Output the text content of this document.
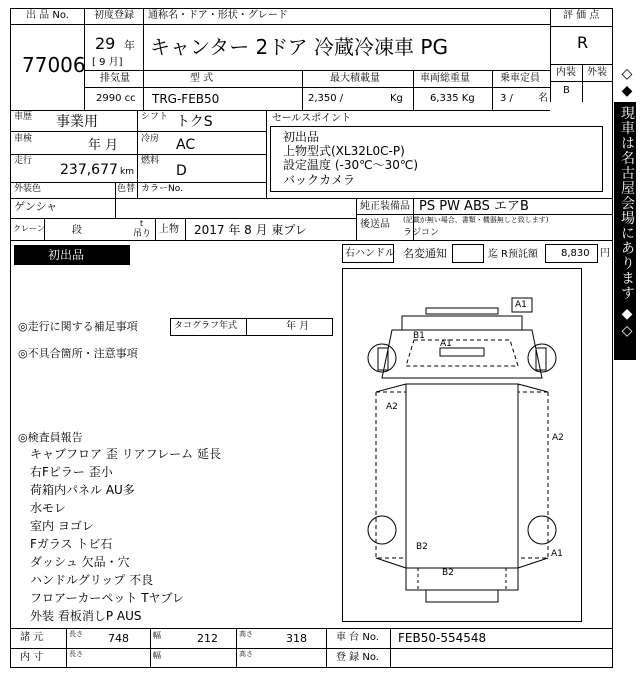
出 品 No.
77006
初度登録
29 年
[ 9 月]
通称名・ドア・形状・グレード
キャンター 2ドア 冷蔵冷凍車 PG
評 価 点
R
内装 外装
B
排気量	型 式	最大積載量	車両総重量	乗車定員
2990 cc TRG-FEB50	2,350 /	Kg	6,335 Kg	3 /	名
車歴 事業用	シフト トクS
車検	年 月	冷房 AC
走行
237,677 km
燃料
D
外装色
ゲンシャ
色替 カラーNo.
セールスポイント
初出品
上物型式(XL32L0C-P)
設定温度 (-30℃～30℃)
バックカメラ
純正装備品 PS PW ABS エアB
後送品 (記載が無い場合、書類・機器無しと致します)
ラジコン
クレーン	段
t
吊り 上物 2017 年 8 月 東プレ
初出品	右ハンドル 名変通知	迄 R预託額 8,830 円
◎走行に関する補足事項	タコグラフ年式	年 月
◎不具合箇所・注意事項
◎検査員報告
キャブフロア 歪 リアフレーム 延長
右Fピラー 歪小
荷箱内パネル AU多
水モレ
室内 ヨゴレ
Fガラス トビ石
ダッシュ 欠品・穴
ハンドルグリップ 不良
フロアーカーペット Tヤブレ
外装 看板消しP AUS
A1
A1
B1
A2
A2
B2
A1
B2
諸 元
内 寸
長さ 748	幅	212	高さ	318
長さ	幅	高さ
車 台 No. FEB50-554548
登 録 No.
◇◆ 現車は名古屋会場にあります ◆◇
